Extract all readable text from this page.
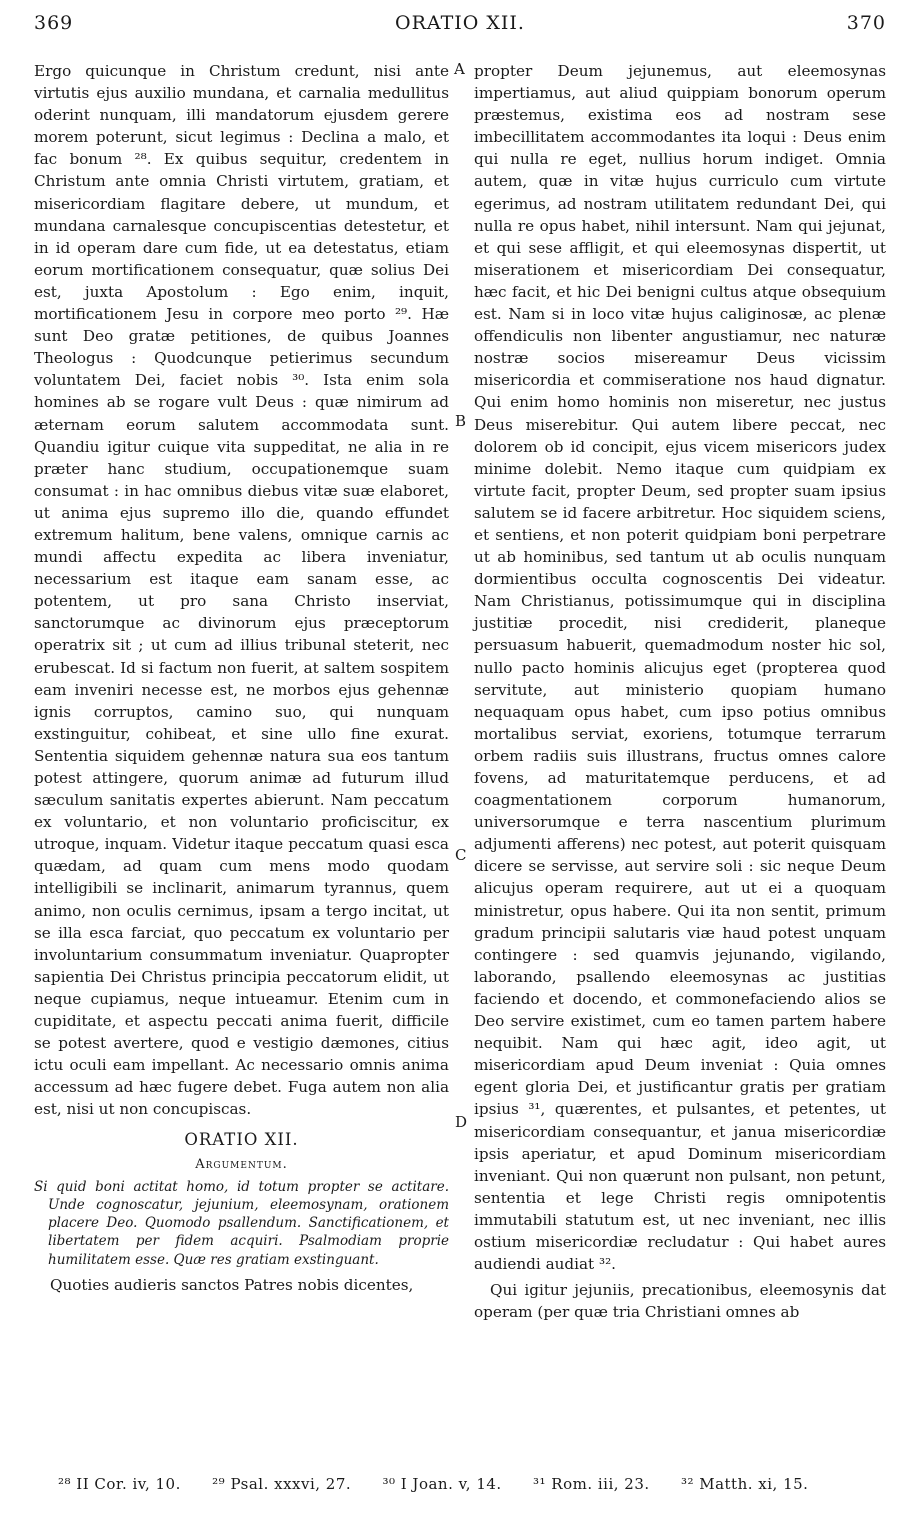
369	ORATIO XII.	370
A
B
C
D

Ergo quicunque in Christum credunt, nisi ante virtutis ejus auxilio mundana, et carnalia medullitus oderint nunquam, illi mandatorum ejusdem gerere morem poterunt, sicut legimus : Declina a malo, et fac bonum ²⁸. Ex quibus sequitur, credentem in Christum ante omnia Christi virtutem, gratiam, et misericordiam flagitare debere, ut mundum, et mundana carnalesque concupiscentias detestetur, et in id operam dare cum fide, ut ea detestatus, etiam eorum mortificationem consequatur, quæ solius Dei est, juxta Apostolum : Ego enim, inquit, mortificationem Jesu in corpore meo porto ²⁹. Hæ sunt Deo gratæ petitiones, de quibus Joannes Theologus : Quodcunque petierimus secundum voluntatem Dei, faciet nobis ³⁰. Ista enim sola homines ab se rogare vult Deus : quæ nimirum ad æternam eorum salutem accommodata sunt. Quandiu igitur cuique vita suppeditat, ne alia in re præter hanc studium, occupationemque suam consumat : in hac omnibus diebus vitæ suæ elaboret, ut anima ejus supremo illo die, quando effundet extremum halitum, bene valens, omnique carnis ac mundi affectu expedita ac libera inveniatur, necessarium est itaque eam sanam esse, ac potentem, ut pro sana Christo inserviat, sanctorumque ac divinorum ejus præceptorum operatrix sit ; ut cum ad illius tribunal steterit, nec erubescat. Id si factum non fuerit, at saltem sospitem eam inveniri necesse est, ne morbos ejus gehennæ ignis corruptos, camino suo, qui nunquam exstinguitur, cohibeat, et sine ullo fine exurat. Sententia siquidem gehennæ natura sua eos tantum potest attingere, quorum animæ ad futurum illud sæculum sanitatis expertes abierunt. Nam peccatum ex voluntario, et non voluntario proficiscitur, ex utroque, inquam. Videtur itaque peccatum quasi esca quædam, ad quam cum mens modo quodam intelligibili se inclinarit, animarum tyrannus, quem animo, non oculis cernimus, ipsam a tergo incitat, ut se illa esca farciat, quo peccatum ex voluntario per involuntarium consummatum inveniatur. Quapropter sapientia Dei Christus principia peccatorum elidit, ut neque cupiamus, neque intueamur. Etenim cum in cupiditate, et aspectu peccati anima fuerit, difficile se potest avertere, quod e vestigio dæmones, citius ictu oculi eam impellant. Ac necessario omnis anima accessum ad hæc fugere debet. Fuga autem non alia est, nisi ut non concupiscas.

ORATIO XII.
Argumentum.
Si quid boni actitat homo, id totum propter se actitare. Unde cognoscatur, jejunium, eleemosynam, orationem placere Deo. Quomodo psallendum. Sanctificationem, et libertatem per fidem acquiri. Psalmodiam proprie humilitatem esse. Quæ res gratiam exstinguant.

Quoties audieris sanctos Patres nobis dicentes,

propter Deum jejunemus, aut eleemosynas impertiamus, aut aliud quippiam bonorum operum præstemus, existima eos ad nostram sese imbecillitatem accommodantes ita loqui : Deus enim qui nulla re eget, nullius horum indiget. Omnia autem, quæ in vitæ hujus curriculo cum virtute egerimus, ad nostram utilitatem redundant Dei, qui nulla re opus habet, nihil intersunt. Nam qui jejunat, et qui sese affligit, et qui eleemosynas dispertit, ut miserationem et misericordiam Dei consequatur, hæc facit, et hic Dei benigni cultus atque obsequium est. Nam si in loco vitæ hujus caliginosæ, ac plenæ offendiculis non libenter angustiamur, nec naturæ nostræ socios misereamur Deus vicissim misericordia et commiseratione nos haud dignatur. Qui enim homo hominis non miseretur, nec justus Deus miserebitur. Qui autem libere peccat, nec dolorem ob id concipit, ejus vicem misericors judex minime dolebit. Nemo itaque cum quidpiam ex virtute facit, propter Deum, sed propter suam ipsius salutem se id facere arbitretur. Hoc siquidem sciens, et sentiens, et non poterit quidpiam boni perpetrare ut ab hominibus, sed tantum ut ab oculis nunquam dormientibus occulta cognoscentis Dei videatur. Nam Christianus, potissimumque qui in disciplina justitiæ procedit, nisi crediderit, planeque persuasum habuerit, quemadmodum noster hic sol, nullo pacto hominis alicujus eget (propterea quod servitute, aut ministerio quopiam humano nequaquam opus habet, cum ipso potius omnibus mortalibus serviat, exoriens, totumque terrarum orbem radiis suis illustrans, fructus omnes calore fovens, ad maturitatemque perducens, et ad coagmentationem corporum humanorum, universorumque e terra nascentium plurimum adjumenti afferens) nec potest, aut poterit quisquam dicere se servisse, aut servire soli : sic neque Deum alicujus operam requirere, aut ut ei a quoquam ministretur, opus habere. Qui ita non sentit, primum gradum principii salutaris viæ haud potest unquam contingere : sed quamvis jejunando, vigilando, laborando, psallendo eleemosynas ac justitias faciendo et docendo, et commonefaciendo alios se Deo servire existimet, cum eo tamen partem habere nequibit. Nam qui hæc agit, ideo agit, ut misericordiam apud Deum inveniat : Quia omnes egent gloria Dei, et justificantur gratis per gratiam ipsius ³¹, quærentes, et pulsantes, et petentes, ut misericordiam consequantur, et janua misericordiæ ipsis aperiatur, et apud Dominum misericordiam inveniant. Qui non quærunt non pulsant, non petunt, sententia et lege Christi regis omnipotentis immutabili statutum est, ut nec inveniant, nec illis ostium misericordiæ recludatur : Qui habet aures audiendi audiat ³².

Qui igitur jejuniis, precationibus, eleemosynis dat operam (per quæ tria Christiani omnes ab

²⁸ II Cor. iv, 10. ²⁹ Psal. xxxvi, 27. ³⁰ I Joan. v, 14. ³¹ Rom. iii, 23. ³² Matth. xi, 15.
